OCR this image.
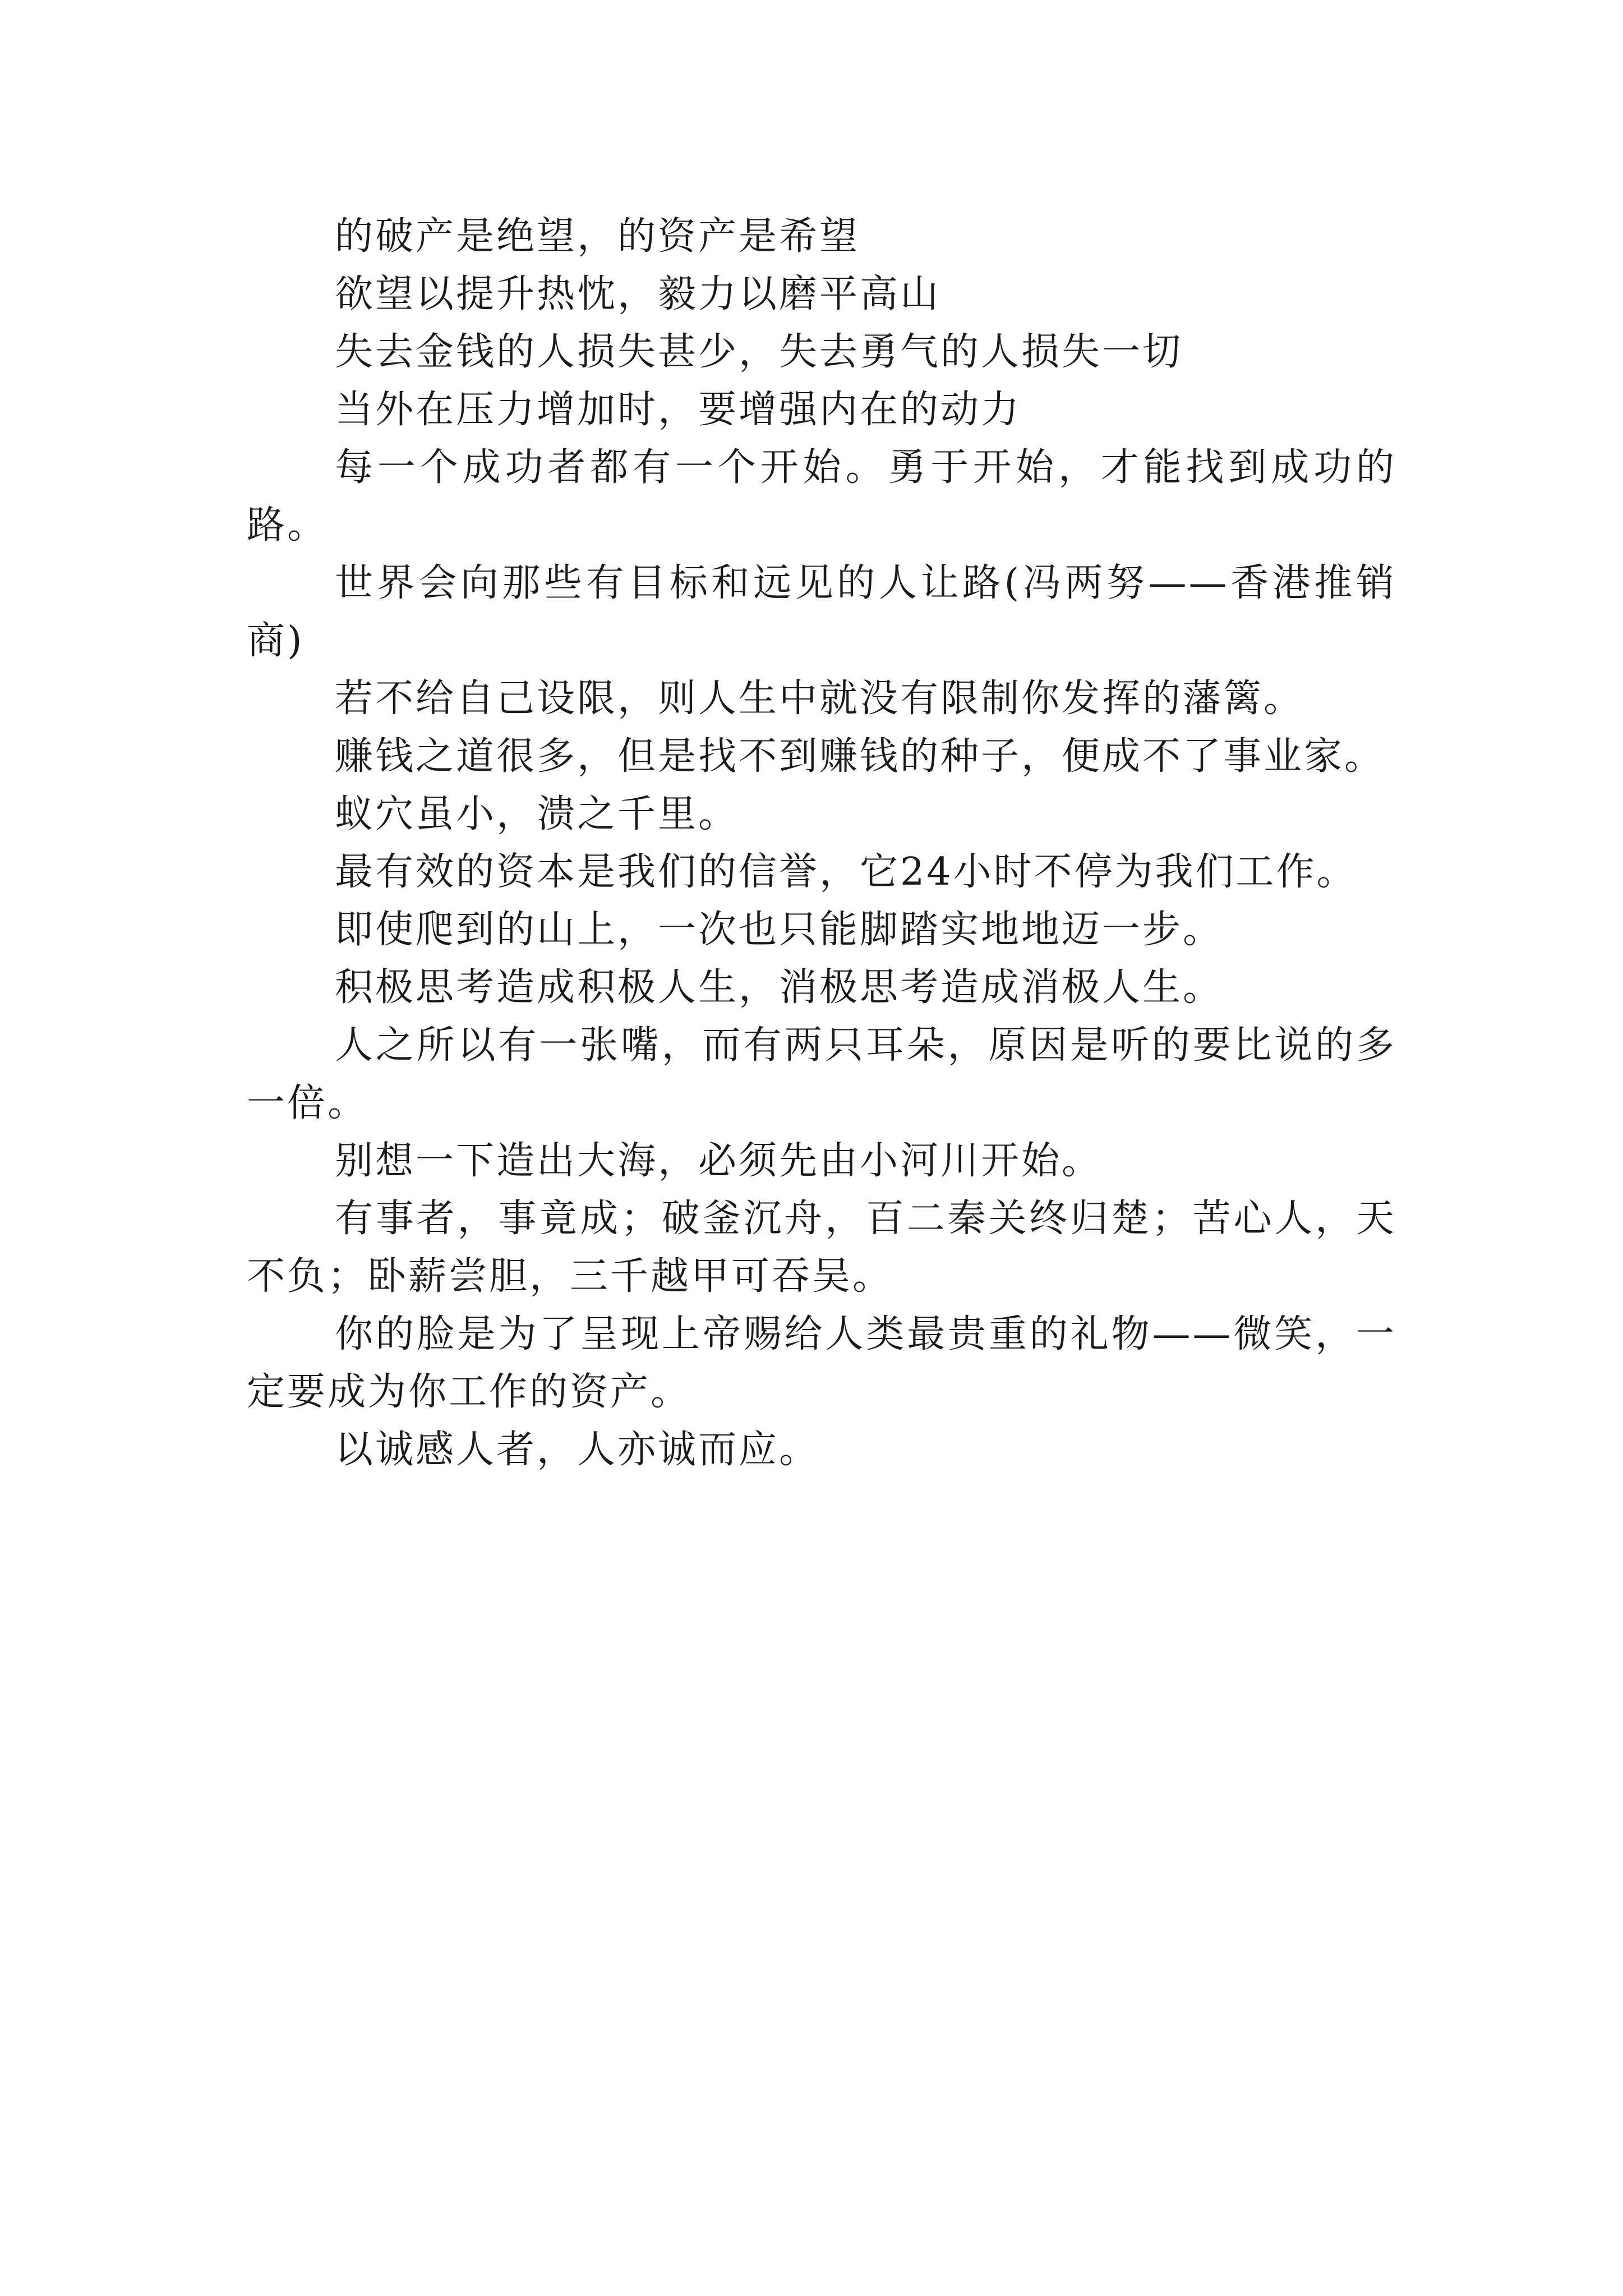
的破产是绝望，的资产是希望

欲望以提升热忱，毅力以磨平高山

失去金钱的人损失甚少，失去勇气的人损失一切

当外在压力增加时，要增强内在的动力

每一个成功者都有一个开始。勇于开始，才能找到成功的路。

世界会向那些有目标和远见的人让路(冯两努——香港推销商)

若不给自己设限，则人生中就没有限制你发挥的藩篱。

赚钱之道很多，但是找不到赚钱的种子，便成不了事业家。

蚁穴虽小，溃之千里。

最有效的资本是我们的信誉，它24小时不停为我们工作。

即使爬到的山上，一次也只能脚踏实地地迈一步。

积极思考造成积极人生，消极思考造成消极人生。

人之所以有一张嘴，而有两只耳朵，原因是听的要比说的多一倍。

别想一下造出大海，必须先由小河川开始。

有事者，事竟成；破釜沉舟，百二秦关终归楚；苦心人，天不负；卧薪尝胆，三千越甲可吞吴。

你的脸是为了呈现上帝赐给人类最贵重的礼物——微笑，一定要成为你工作的资产。

以诚感人者，人亦诚而应。
